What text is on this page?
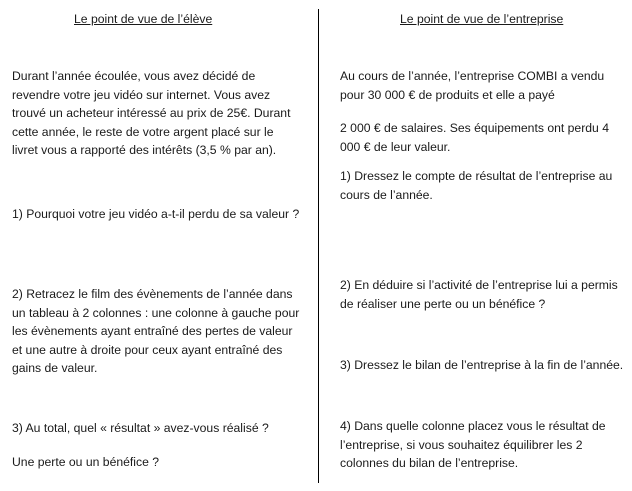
Le point de vue de l’élève

Durant l’année écoulée, vous avez décidé de revendre votre jeu vidéo sur internet. Vous avez trouvé un acheteur intéressé au prix de 25€. Durant cette année, le reste de votre argent placé sur le livret vous a rapporté des intérêts (3,5 % par an).

1) Pourquoi votre jeu vidéo a-t-il perdu de sa valeur ?

2) Retracez le film des évènements de l’année dans un tableau à 2 colonnes : une colonne à gauche pour les évènements ayant entraîné des pertes de valeur et une autre à droite pour ceux ayant entraîné des gains de valeur.

3) Au total, quel « résultat » avez-vous réalisé ?

Une perte ou un bénéfice ?

Le point de vue de l’entreprise

Au cours de l’année, l’entreprise COMBI a vendu pour 30 000 € de produits et elle a payé

2 000 € de salaires. Ses équipements ont perdu 4 000 € de leur valeur.

1) Dressez le compte de résultat de l’entreprise au cours de l’année.

2) En déduire si l’activité de l’entreprise lui a permis de réaliser une perte ou un bénéfice ?

3) Dressez le bilan de l’entreprise à la fin de l’année.

4) Dans quelle colonne placez vous le résultat de l’entreprise, si vous souhaitez équilibrer les 2 colonnes du bilan de l’entreprise.
